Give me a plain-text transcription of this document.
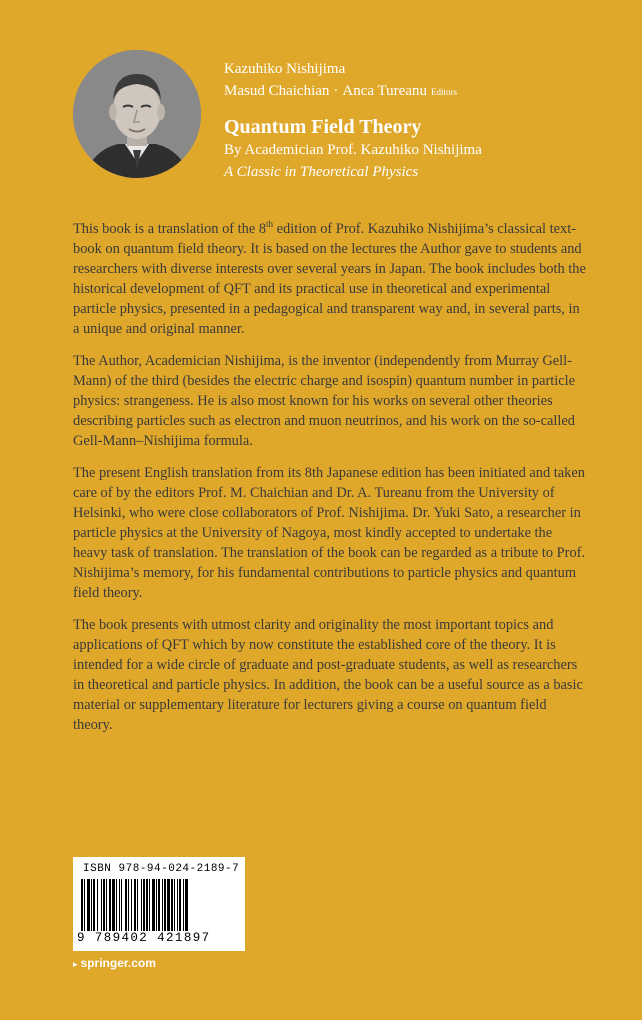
Kazuhiko Nishijima
Masud Chaichian · Anca Tureanu Editors
Quantum Field Theory
By Academician Prof. Kazuhiko Nishijima
A Classic in Theoretical Physics

This book is a translation of the 8th edition of Prof. Kazuhiko Nishijima’s classical text-book on quantum field theory. It is based on the lectures the Author gave to students and researchers with diverse interests over several years in Japan. The book includes both the historical development of QFT and its practical use in theoretical and experimental particle physics, presented in a pedagogical and transparent way and, in several parts, in a unique and original manner.

The Author, Academician Nishijima, is the inventor (independently from Murray Gell-Mann) of the third (besides the electric charge and isospin) quantum number in particle physics: strangeness. He is also most known for his works on several other theories describing particles such as electron and muon neutrinos, and his work on the so-called Gell-Mann–Nishijima formula.

The present English translation from its 8th Japanese edition has been initiated and taken care of by the editors Prof. M. Chaichian and Dr. A. Tureanu from the University of Helsinki, who were close collaborators of Prof. Nishijima. Dr. Yuki Sato, a researcher in particle physics at the University of Nagoya, most kindly accepted to undertake the heavy task of translation. The translation of the book can be regarded as a tribute to Prof. Nishijima’s memory, for his fundamental contributions to particle physics and quantum field theory.

The book presents with utmost clarity and originality the most important topics and applications of QFT which by now constitute the established core of the theory. It is intended for a wide circle of graduate and post-graduate students, as well as researchers in theoretical and particle physics. In addition, the book can be a useful source as a basic material or supplementary literature for lecturers giving a course on quantum field theory.

ISBN 978-94-024-2189-7
9 789402 421897
▸ springer.com
